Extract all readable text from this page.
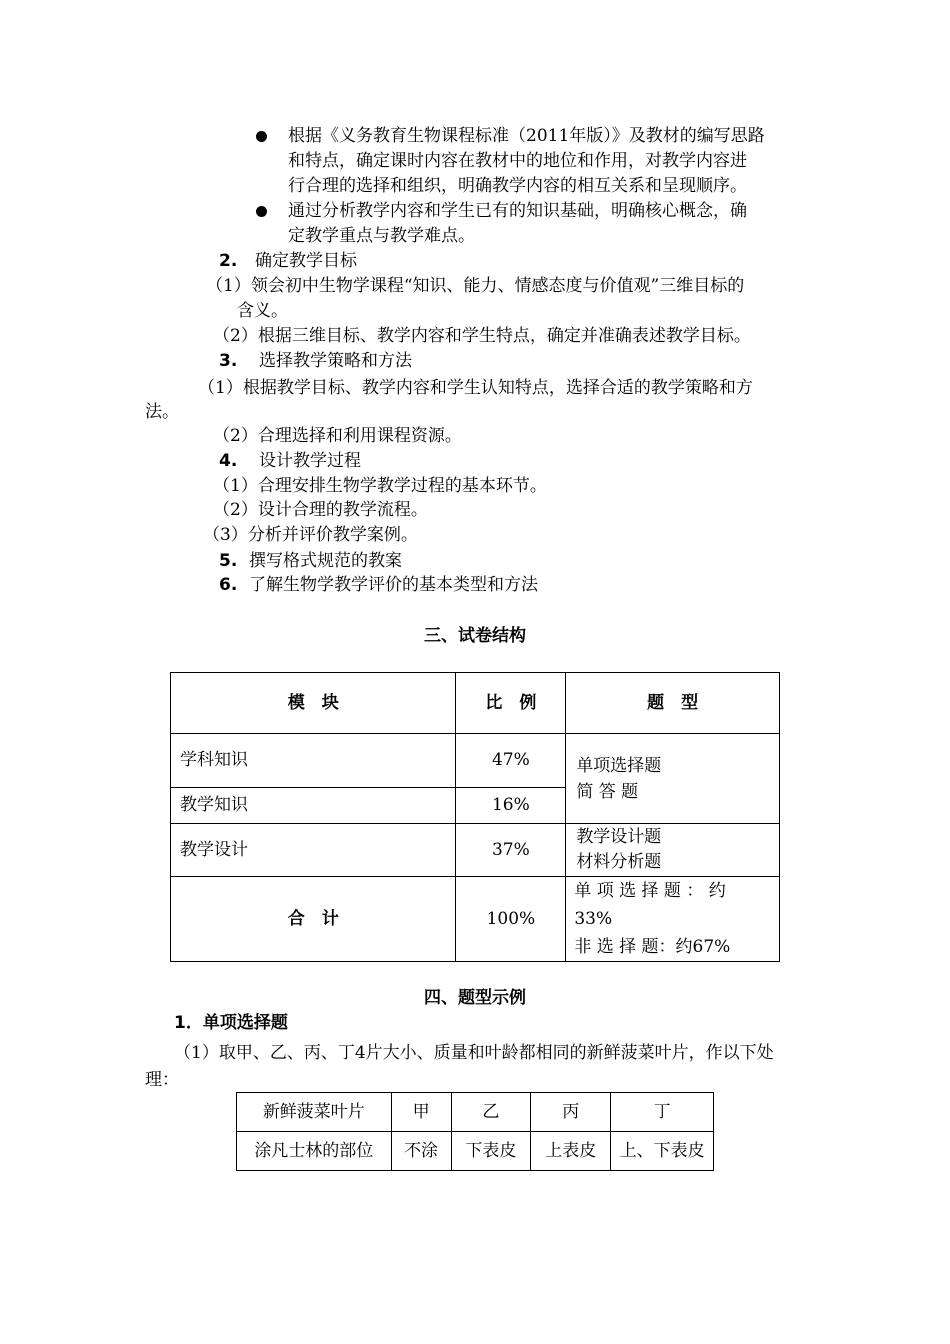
根据《义务教育生物课程标准（2011年版）》及教材的编写思路
和特点，确定课时内容在教材中的地位和作用，对教学内容进
行合理的选择和组织，明确教学内容的相互关系和呈现顺序。
通过分析教学内容和学生已有的知识基础，明确核心概念，确
定教学重点与教学难点。
2. 确定教学目标
（1）领会初中生物学课程“知识、能力、情感态度与价值观”三维目标的
含义。
（2）根据三维目标、教学内容和学生特点，确定并准确表述教学目标。
3. 选择教学策略和方法
（1）根据教学目标、教学内容和学生认知特点，选择合适的教学策略和方
法。
（2）合理选择和利用课程资源。
4. 设计教学过程
（1）合理安排生物学教学过程的基本环节。
（2）设计合理的教学流程。
（3）分析并评价教学案例。
5. 撰写格式规范的教案
6. 了解生物学教学评价的基本类型和方法
三、试卷结构
模　块	比　例	题　型
学科知识	47%	单项选择题
简 答 题

教学知识	16%	
教学设计	37%	教学设计题
材料分析题

合　计	100%	单 项 选 择 题 ： 约
33%
非 选 择 题：约67%
四、题型示例
1．单项选择题
（1）取甲、乙、丙、丁4片大小、质量和叶龄都相同的新鲜菠菜叶片，作以下处
理：
新鲜菠菜叶片	甲	乙	丙	丁
涂凡士林的部位	不涂	下表皮	上表皮	上、下表皮
